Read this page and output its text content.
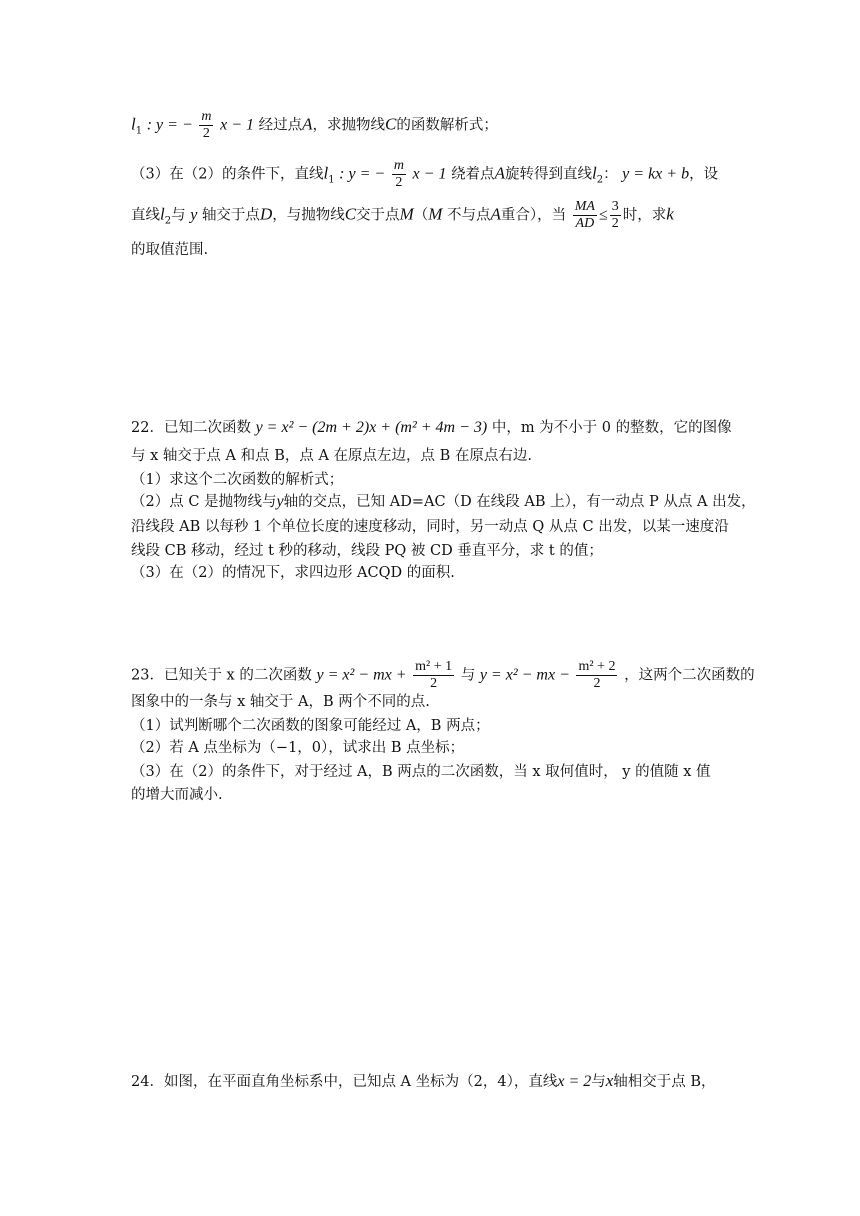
$l_1$ : y = − $\frac{m}{2}$ x − 1 经过点A，求抛物线C的函数解析式；
（3）在（2）的条件下，直线$l_1$ : y = − $\frac{m}{2}$ x − 1 绕着点A旋转得到直线$l_2$： y = kx + b，设
直线$l_2$与 y 轴交于点D，与抛物线C交于点M（M 不与点A重合），当 $\frac{MA}{AD} \le \frac{3}{2}$ 时，求k
的取值范围.
22．已知二次函数 y = x² − (2m + 2)x + (m² + 4m − 3) 中，m 为不小于 0 的整数，它的图像
与 x 轴交于点 A 和点 B，点 A 在原点左边，点 B 在原点右边.
（1）求这个二次函数的解析式；
（2）点 C 是抛物线与y轴的交点，已知 AD=AC（D 在线段 AB 上），有一动点 P 从点 A 出发，
沿线段 AB 以每秒 1 个单位长度的速度移动，同时，另一动点 Q 从点 C 出发，以某一速度沿
线段 CB 移动，经过 t 秒的移动，线段 PQ 被 CD 垂直平分，求 t 的值；
（3）在（2）的情况下，求四边形 ACQD 的面积.
23．已知关于 x 的二次函数 y = x² − mx + $\frac{\text{m² + 1}}{2}$ 与 y = x² − mx − $\frac{\text{m² + 2}}{2}$ ，这两个二次函数的
图象中的一条与 x 轴交于 A，B 两个不同的点.
（1）试判断哪个二次函数的图象可能经过 A，B 两点；
（2）若 A 点坐标为（−1，0），试求出 B 点坐标；
（3）在（2）的条件下，对于经过 A，B 两点的二次函数，当 x 取何值时， y 的值随 x 值
的增大而减小.
24．如图，在平面直角坐标系中，已知点 A 坐标为（2，4），直线x = 2与x轴相交于点 B，
